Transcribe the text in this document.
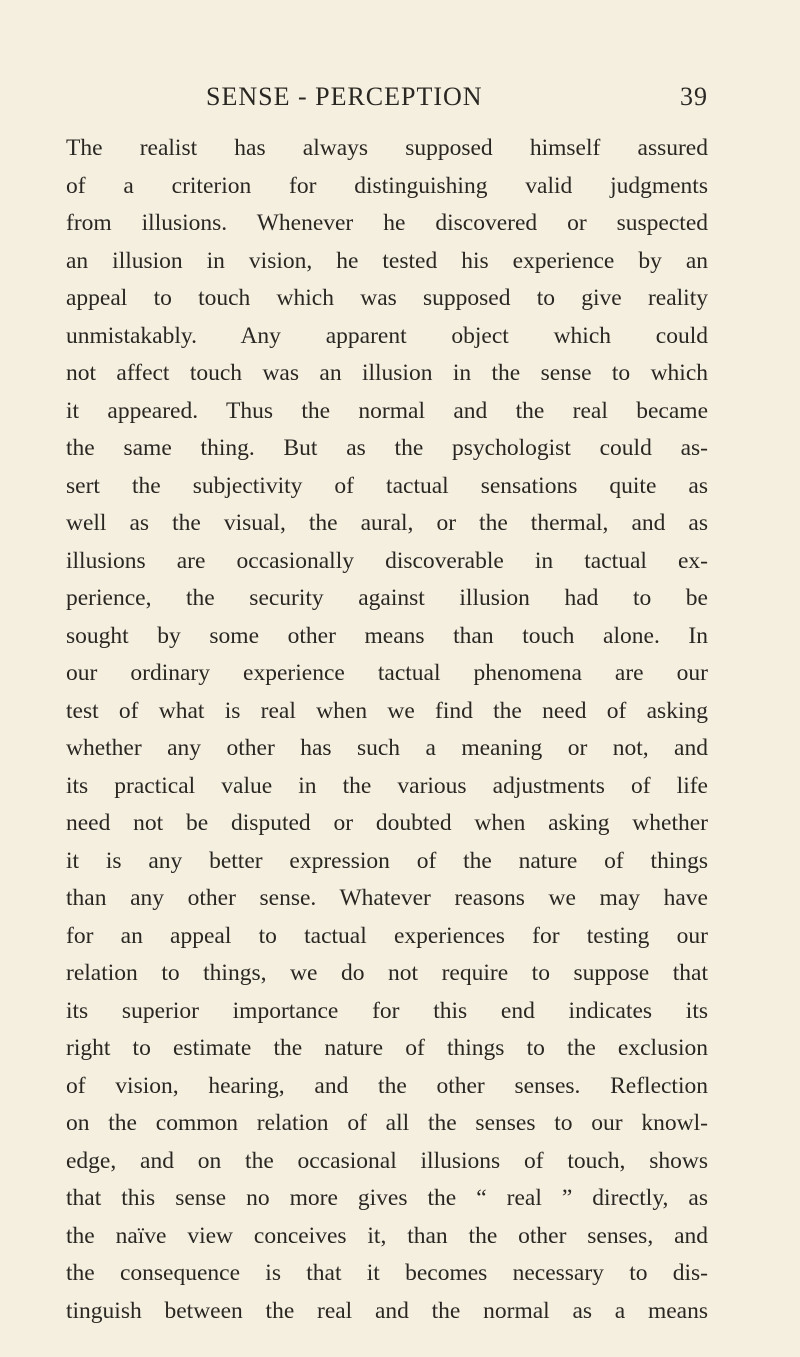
SENSE - PERCEPTION	39
The realist has always supposed himself assured
of a criterion for distinguishing valid judgments
from illusions. Whenever he discovered or suspected
an illusion in vision, he tested his experience by an
appeal to touch which was supposed to give reality
unmistakably. Any apparent object which could
not affect touch was an illusion in the sense to which
it appeared. Thus the normal and the real became
the same thing. But as the psychologist could as-
sert the subjectivity of tactual sensations quite as
well as the visual, the aural, or the thermal, and as
illusions are occasionally discoverable in tactual ex-
perience, the security against illusion had to be
sought by some other means than touch alone. In
our ordinary experience tactual phenomena are our
test of what is real when we find the need of asking
whether any other has such a meaning or not, and
its practical value in the various adjustments of life
need not be disputed or doubted when asking whether
it is any better expression of the nature of things
than any other sense. Whatever reasons we may have
for an appeal to tactual experiences for testing our
relation to things, we do not require to suppose that
its superior importance for this end indicates its
right to estimate the nature of things to the exclusion
of vision, hearing, and the other senses. Reflection
on the common relation of all the senses to our knowl-
edge, and on the occasional illusions of touch, shows
that this sense no more gives the “ real ” directly, as
the naïve view conceives it, than the other senses, and
the consequence is that it becomes necessary to dis-
tinguish between the real and the normal as a means
